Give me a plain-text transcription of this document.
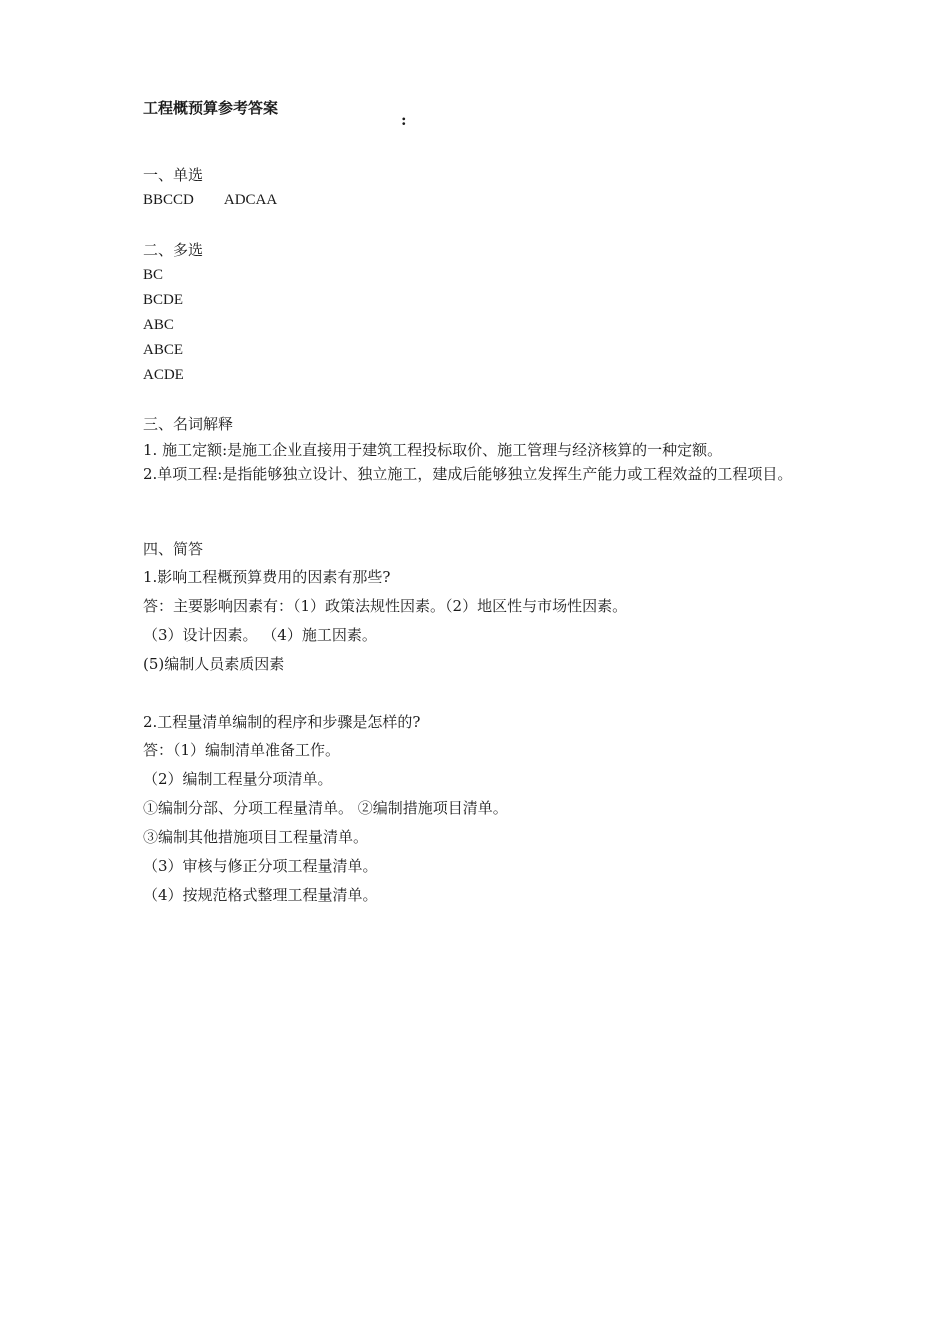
工程概预算参考答案
:
一、单选
BBCCD ADCAA
二、多选
BC
BCDE
ABC
ABCE
ACDE
三、名词解释
1. 施工定额:是施工企业直接用于建筑工程投标取价、施工管理与经济核算的一种定额。
2.单项工程:是指能够独立设计、独立施工，建成后能够独立发挥生产能力或工程效益的工程项目。
四、简答
1.影响工程概预算费用的因素有那些?
答：主要影响因素有：（1）政策法规性因素。（2）地区性与市场性因素。
（3）设计因素。 （4）施工因素。
(5)编制人员素质因素
2.工程量清单编制的程序和步骤是怎样的?
答：（1）编制清单准备工作。
（2）编制工程量分项清单。
①编制分部、分项工程量清单。 ②编制措施项目清单。
③编制其他措施项目工程量清单。
（3）审核与修正分项工程量清单。
（4）按规范格式整理工程量清单。
